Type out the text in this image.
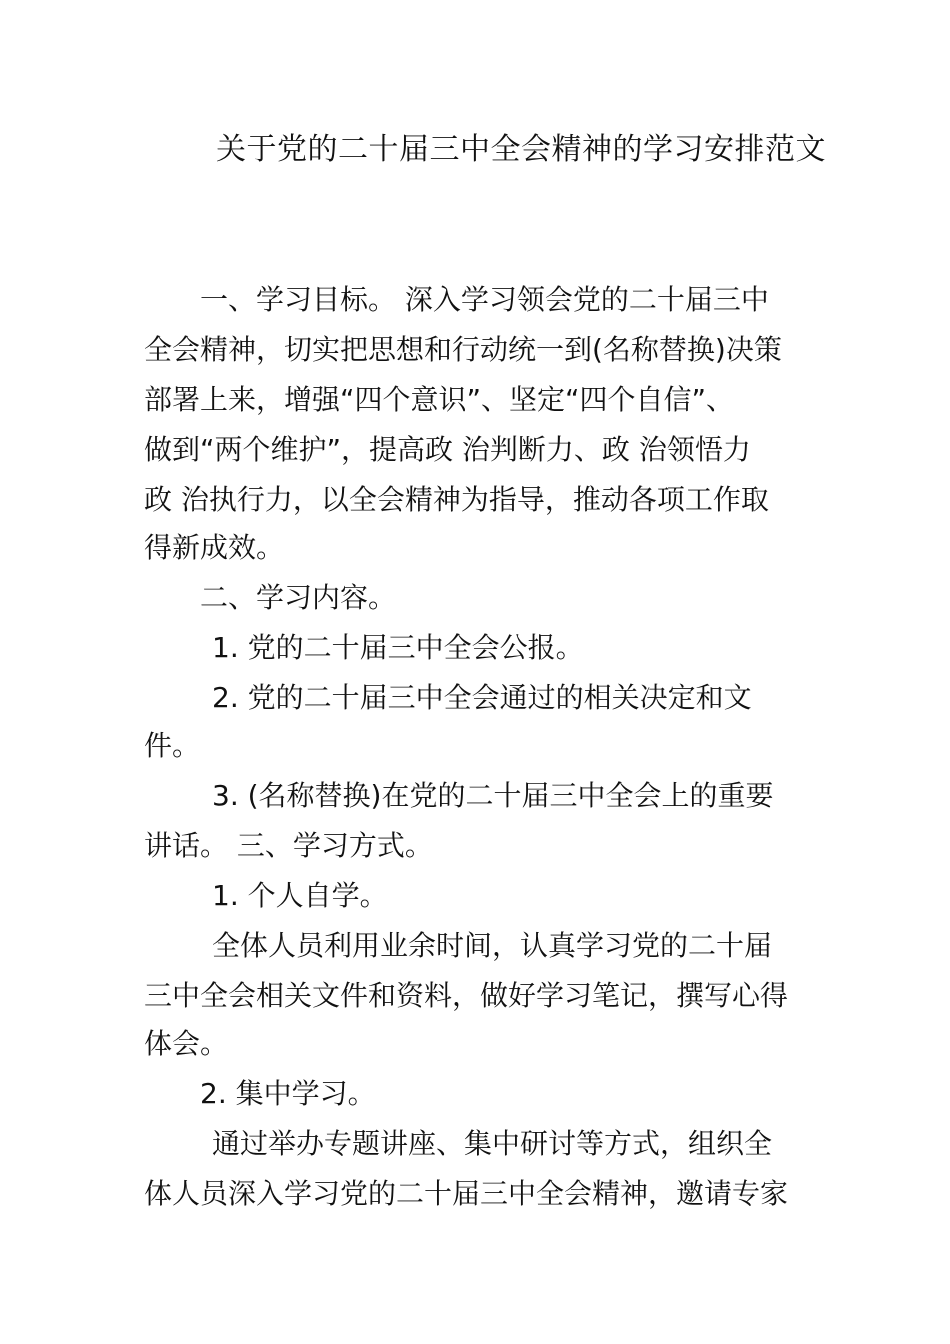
关于党的二十届三中全会精神的学习安排范文
一、学习目标。 深入学习领会党的二十届三中
全会精神，切实把思想和行动统一到(名称替换)决策
部署上来，增强“四个意识”、坚定“四个自信”、
做到“两个维护”，提高政 治判断力、政 治领悟力
政 治执行力，以全会精神为指导，推动各项工作取
得新成效。
二、学习内容。
1. 党的二十届三中全会公报。
2. 党的二十届三中全会通过的相关决定和文
件。
3. (名称替换)在党的二十届三中全会上的重要
讲话。 三、学习方式。
1. 个人自学。
全体人员利用业余时间，认真学习党的二十届
三中全会相关文件和资料，做好学习笔记，撰写心得
体会。
2. 集中学习。
通过举办专题讲座、集中研讨等方式，组织全
体人员深入学习党的二十届三中全会精神，邀请专家
